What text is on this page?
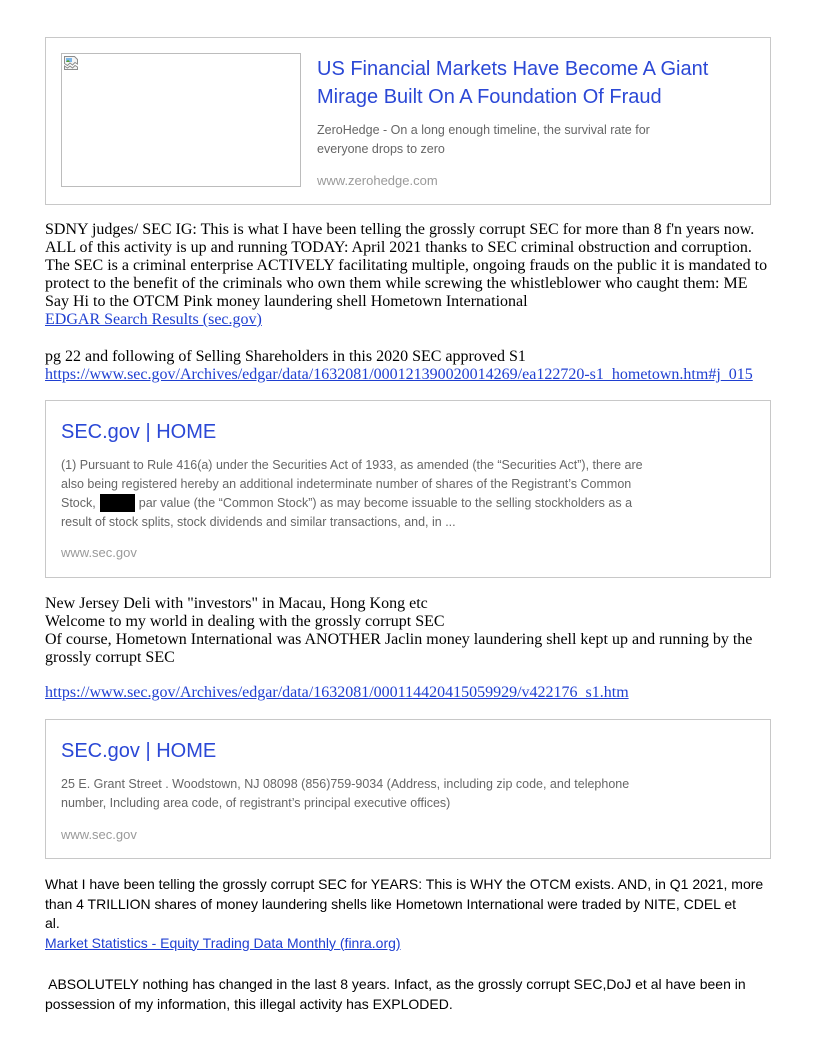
US Financial Markets Have Become A Giant Mirage Built On A Foundation Of Fraud
ZeroHedge - On a long enough timeline, the survival rate for
everyone drops to zero
www.zerohedge.com
SDNY judges/ SEC IG: This is what I have been telling the grossly corrupt SEC for more than 8 f'n years now.
ALL of this activity is up and running TODAY: April 2021 thanks to SEC criminal obstruction and corruption.
The SEC is a criminal enterprise ACTIVELY facilitating multiple, ongoing frauds on the public it is mandated to
protect to the benefit of the criminals who own them while screwing the whistleblower who caught them: ME
Say Hi to the OTCM Pink money laundering shell Hometown International
EDGAR Search Results (sec.gov)
pg 22 and following of Selling Shareholders in this 2020 SEC approved S1
https://www.sec.gov/Archives/edgar/data/1632081/000121390020014269/ea122720-s1_hometown.htm#j_015
SEC.gov | HOME
(1) Pursuant to Rule 416(a) under the Securities Act of 1933, as amended (the “Securities Act”), there are
also being registered hereby an additional indeterminate number of shares of the Registrant’s Common
Stock,	par value (the “Common Stock”) as may become issuable to the selling stockholders as a
result of stock splits, stock dividends and similar transactions, and, in ...
www.sec.gov
New Jersey Deli with "investors" in Macau, Hong Kong etc
Welcome to my world in dealing with the grossly corrupt SEC
Of course, Hometown International was ANOTHER Jaclin money laundering shell kept up and running by the
grossly corrupt SEC
https://www.sec.gov/Archives/edgar/data/1632081/000114420415059929/v422176_s1.htm
SEC.gov | HOME
25 E. Grant Street . Woodstown, NJ 08098 (856)759-9034 (Address, including zip code, and telephone
number, Including area code, of registrant’s principal executive offices)
www.sec.gov
What I have been telling the grossly corrupt SEC for YEARS: This is WHY the OTCM exists. AND, in Q1 2021, more
than 4 TRILLION shares of money laundering shells like Hometown International were traded by NITE, CDEL et
al.
Market Statistics - Equity Trading Data Monthly (finra.org)
ABSOLUTELY nothing has changed in the last 8 years. Infact, as the grossly corrupt SEC,DoJ et al have been in
possession of my information, this illegal activity has EXPLODED.
